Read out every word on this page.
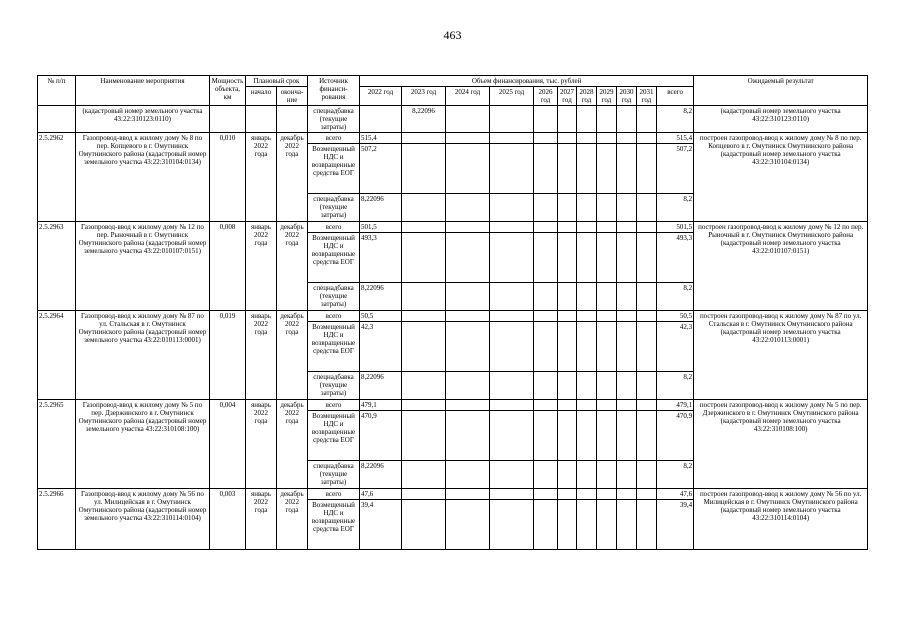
463
№ п/п	Наименование мероприятия	Мощность объекта, км	Плановый срок		Источник финанси-рования	Объем финансирования, тыс. рублей											Ожидаемый результат
			начало	оконча-ние		2022 год	2023 год	2024 год	2025 год	2026 год	2027 год	2028 год	2029 год	2030 год	2031 год	всего	
	(кадастровый номер земельного участка 43:22:310123:0110)				спецнадбавка (текущие затраты)		8,22096									8,2	(кадастровый номер земельного участка 43:22:310123:0110)
2.5.2962	Газопровод-ввод к жилому дому № 8 по пер. Копцевого в г. Омутнинск Омутнинского района (кадастровый номер земельного участка 43:22:310104:0134)	0,010	январь 2022 года	декабрь 2022 года	всего	515,4										515,4	построен газопровод-ввод к жилому дому № 8 по пер. Копцевого в г. Омутнинск Омутнинского района (кадастровый номер земельного участка 43:22:310104:0134)
					Возмещенный НДС и возвращенные средства ЕОГ	507,2										507,2	
					спецнадбавка (текущие затраты)	8,22096										8,2	
2.5.2963	Газопровод-ввод к жилому дому № 12 по пер. Рыночный в г. Омутнинск Омутнинского района (кадастровый номер земельного участка 43:22:010107:0151)	0,008	январь 2022 года	декабрь 2022 года	всего	501,5										501,5	построен газопровод-ввод к жилому дому № 12 по пер. Рыночный в г. Омутнинск Омутнинского района (кадастровый номер земельного участка 43:22:010107:0151)
					Возмещенный НДС и возвращенные средства ЕОГ	493,3										493,3	
					спецнадбавка (текущие затраты)	8,22096										8,2	
2.5.2964	Газопровод-ввод к жилому дому № 87 по ул. Стальская в г. Омутнинск Омутнинского района (кадастровый номер земельного участка 43:22:010113:0001)	0,019	январь 2022 года	декабрь 2022 года	всего	50,5										50,5	построен газопровод-ввод к жилому дому № 87 по ул. Стальская в г. Омутнинск Омутнинского района (кадастровый номер земельного участка 43:22:010113:0001)
					Возмещенный НДС и возвращенные средства ЕОГ	42,3										42,3	
					спецнадбавка (текущие затраты)	8,22096										8,2	
2.5.2965	Газопровод-ввод к жилому дому № 5 по пер. Дзержинского в г. Омутнинск Омутнинского района (кадастровый номер земельного участка 43:22:310108:100)	0,004	январь 2022 года	декабрь 2022 года	всего	479,1										479,1	построен газопровод-ввод к жилому дому № 5 по пер. Дзержинского в г. Омутнинск Омутнинского района (кадастровый номер земельного участка 43:22:310108:100)
					Возмещенный НДС и возвращенные средства ЕОГ	470,9										470,9	
					спецнадбавка (текущие затраты)	8,22096										8,2	
2.5.2966	Газопровод-ввод к жилому дому № 56 по ул. Милицейская в г. Омутнинск Омутнинского района (кадастровый номер земельного участка 43:22:310114:0104)	0,003	январь 2022 года	декабрь 2022 года	всего	47,6										47,6	построен газопровод-ввод к жилому дому № 56 по ул. Милицейская в г. Омутнинск Омутнинского района (кадастровый номер земельного участка 43:22:310114:0104)
					Возмещенный НДС и возвращенные средства ЕОГ	39,4										39,4	
